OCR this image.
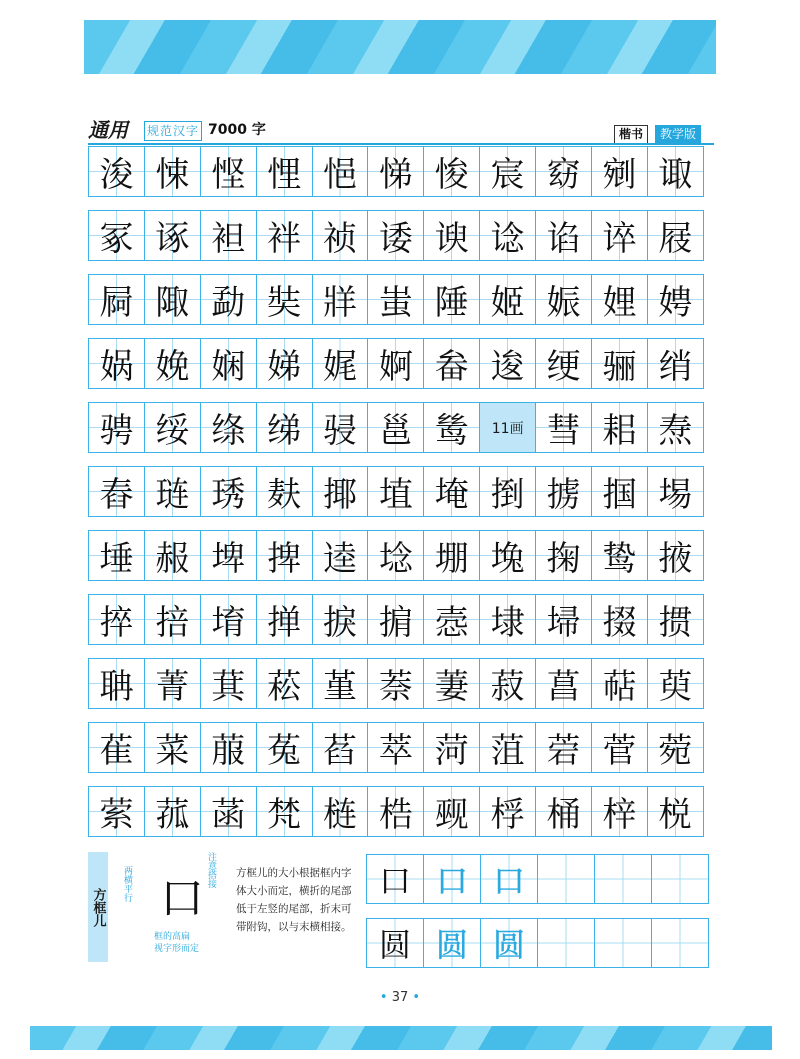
通用 规范汉字 7000 字	楷书	教学版
浚 悚 悭 悝 悒 悌 悛 宸 窈 剜 诹
冢 诼 袒 袢 祯 诿 谀 谂 谄 谇 屐
屙 陬 勐 奘 牂 蚩 陲 姬 娠 娌 娉
娲 娩 娴 娣 娓 婀 畚 逡 绠 骊 绡
骋 绥 绦 绨 骎 邕 鸶	11画 彗 耜 焘
舂 琏 琇 麸 揶 埴 埯 捯 掳 掴 埸
埵 赧 埤 捭 逵 埝 堋 堍 掬 鸷 掖
捽 掊 堉 掸 捩 掮 悫 埭 埽 掇 掼
聃 菁 萁 菘 堇 萘 萋 菽 菖 萜 萸
萑 菜 菔 菟 萏 萃 菏 菹 菪 菅 菀
萦 菰 菡 梵 梿 梏 觋 桴 桶 梓 棁
方框儿
两横平行	注意搭接
口
框的高扁
视字形而定
方框儿的大小根据框内字体大小而定，横折的尾部低于左竖的尾部，折末可带附钩，以与末横相接。
口 口 口
圆 圆 圆
• 37 •
